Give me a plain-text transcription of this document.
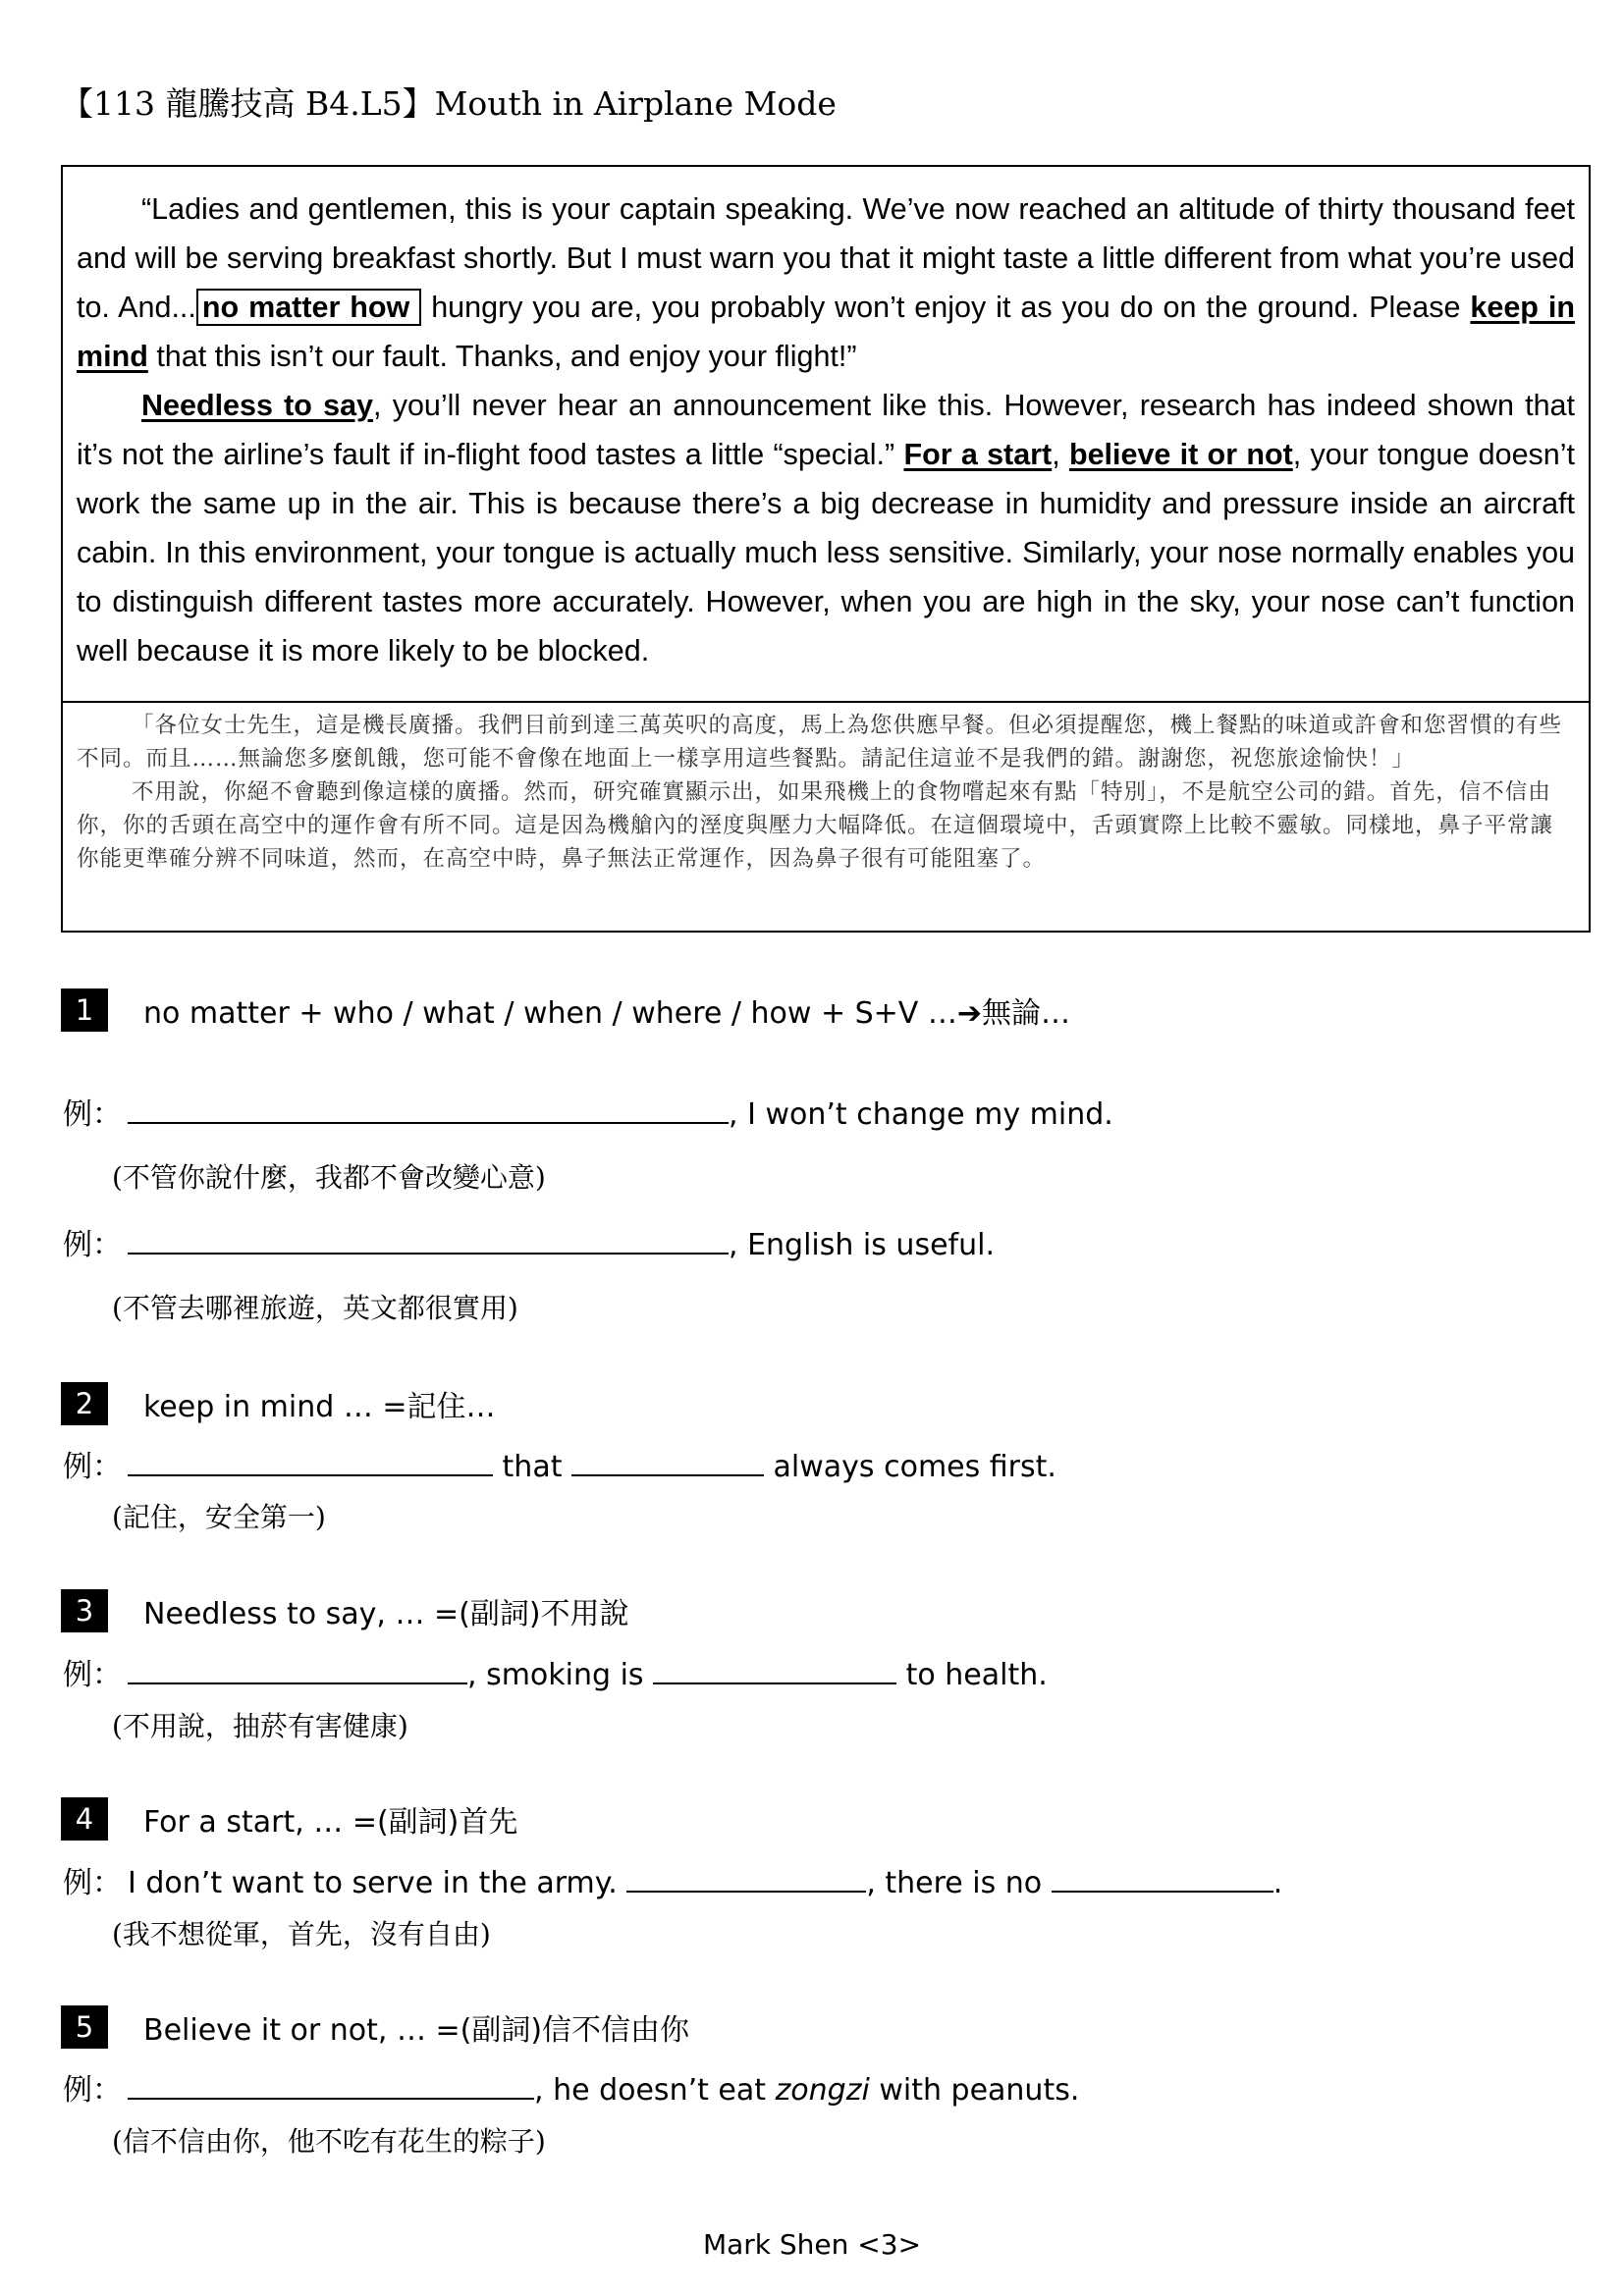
【113 龍騰技高 B4.L5】Mouth in Airplane Mode

“Ladies and gentlemen, this is your captain speaking. We’ve now reached an altitude of thirty thousand feet and will be serving breakfast shortly. But I must warn you that it might taste a little different from what you’re used to. And... no matter how hungry you are, you probably won’t enjoy it as you do on the ground. Please keep in mind that this isn’t our fault. Thanks, and enjoy your flight!”

Needless to say, you’ll never hear an announcement like this. However, research has indeed shown that it’s not the airline’s fault if in-flight food tastes a little “special.” For a start, believe it or not, your tongue doesn’t work the same up in the air. This is because there’s a big decrease in humidity and pressure inside an aircraft cabin. In this environment, your tongue is actually much less sensitive. Similarly, your nose normally enables you to distinguish different tastes more accurately. However, when you are high in the sky, your nose can’t function well because it is more likely to be blocked.

「各位女士先生，這是機長廣播。我們目前到達三萬英呎的高度，馬上為您供應早餐。但必須提醒您，機上餐點的味道或許會和您習慣的有些不同。而且……無論您多麼飢餓，您可能不會像在地面上一樣享用這些餐點。請記住這並不是我們的錯。謝謝您，祝您旅途愉快！」

不用說，你絕不會聽到像這樣的廣播。然而，研究確實顯示出，如果飛機上的食物嚐起來有點「特別」，不是航空公司的錯。首先，信不信由你，你的舌頭在高空中的運作會有所不同。這是因為機艙內的溼度與壓力大幅降低。在這個環境中，舌頭實際上比較不靈敏。同樣地，鼻子平常讓你能更準確分辨不同味道，然而，在高空中時，鼻子無法正常運作，因為鼻子很有可能阻塞了。

1	no matter + who / what / when / where / how + S+V …➔無論…
例：	, I won’t change my mind.
(不管你說什麼，我都不會改變心意)
例：	, English is useful.
(不管去哪裡旅遊，英文都很實用)
2	keep in mind … =記住…
例：	that	always comes first.
(記住，安全第一)
3	Needless to say, … =(副詞)不用說
例：	, smoking is	to health.
(不用說，抽菸有害健康)
4	For a start, … =(副詞)首先
例： I don’t want to serve in the army.	, there is no	.
(我不想從軍，首先，沒有自由)
5	Believe it or not, … =(副詞)信不信由你
例：	, he doesn’t eat zongzi with peanuts.
(信不信由你，他不吃有花生的粽子)
Mark Shen <3>
